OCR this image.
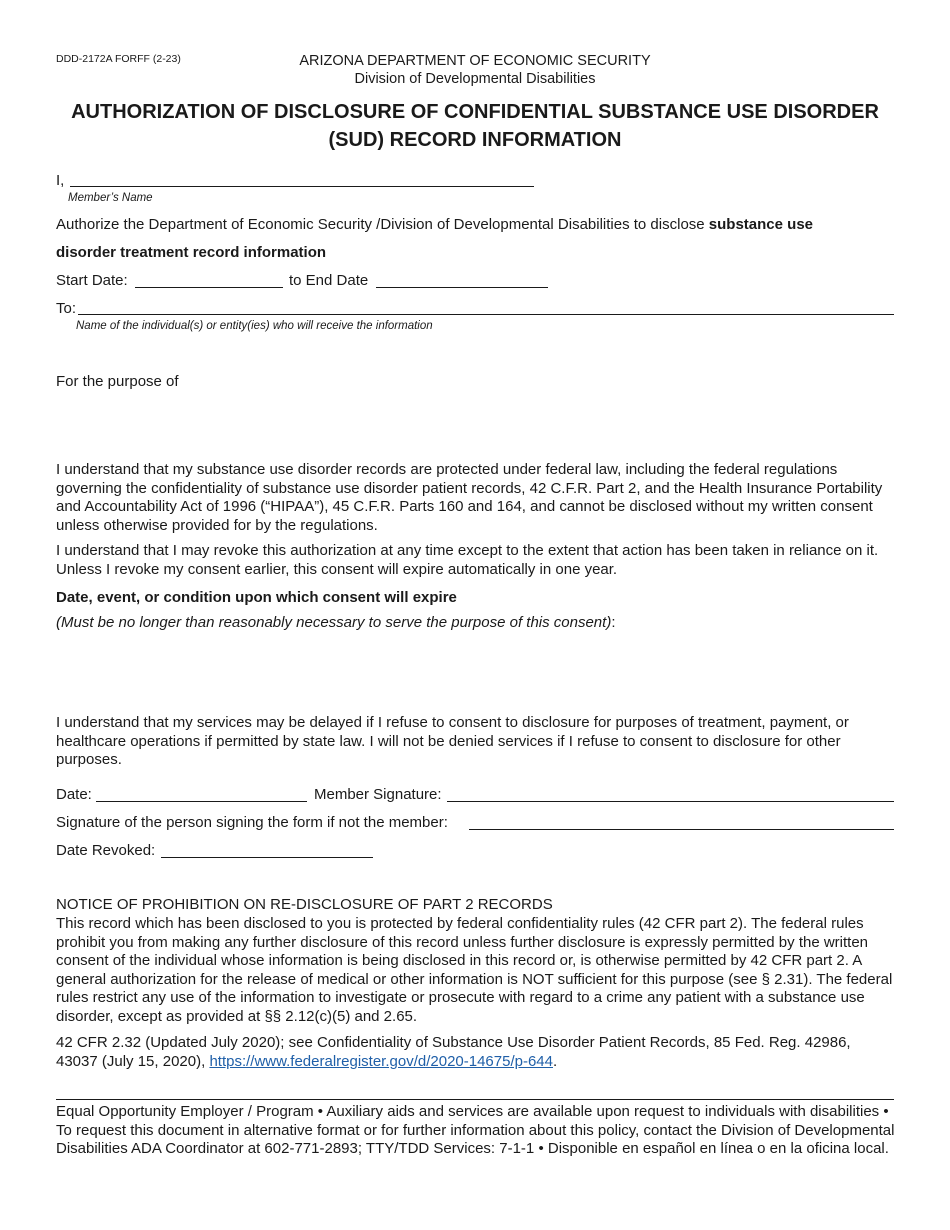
DDD-2172A FORFF (2-23)	ARIZONA DEPARTMENT OF ECONOMIC SECURITY
Division of Developmental Disabilities
AUTHORIZATION OF DISCLOSURE OF CONFIDENTIAL SUBSTANCE USE DISORDER (SUD) RECORD INFORMATION
I,
Member’s Name
Authorize the Department of Economic Security /Division of Developmental Disabilities to disclose substance use
disorder treatment record information
Start Date:	to End Date
To:
Name of the individual(s) or entity(ies) who will receive the information
For the purpose of
I understand that my substance use disorder records are protected under federal law, including the federal regulations governing the confidentiality of substance use disorder patient records, 42 C.F.R. Part 2, and the Health Insurance Portability and Accountability Act of 1996 (“HIPAA”), 45 C.F.R. Parts 160 and 164, and cannot be disclosed without my written consent unless otherwise provided for by the regulations.
I understand that I may revoke this authorization at any time except to the extent that action has been taken in reliance on it. Unless I revoke my consent earlier, this consent will expire automatically in one year.
Date, event, or condition upon which consent will expire
(Must be no longer than reasonably necessary to serve the purpose of this consent):
I understand that my services may be delayed if I refuse to consent to disclosure for purposes of treatment, payment, or healthcare operations if permitted by state law. I will not be denied services if I refuse to consent to disclosure for other purposes.
Date:	Member Signature:
Signature of the person signing the form if not the member:
Date Revoked:
NOTICE OF PROHIBITION ON RE-DISCLOSURE OF PART 2 RECORDS
This record which has been disclosed to you is protected by federal confidentiality rules (42 CFR part 2). The federal rules prohibit you from making any further disclosure of this record unless further disclosure is expressly permitted by the written consent of the individual whose information is being disclosed in this record or, is otherwise permitted by 42 CFR part 2. A general authorization for the release of medical or other information is NOT sufficient for this purpose (see § 2.31). The federal rules restrict any use of the information to investigate or prosecute with regard to a crime any patient with a substance use disorder, except as provided at §§ 2.12(c)(5) and 2.65.
42 CFR 2.32 (Updated July 2020); see Confidentiality of Substance Use Disorder Patient Records, 85 Fed. Reg. 42986, 43037 (July 15, 2020), https://www.federalregister.gov/d/2020-14675/p-644.
Equal Opportunity Employer / Program • Auxiliary aids and services are available upon request to individuals with disabilities • To request this document in alternative format or for further information about this policy, contact the Division of Developmental Disabilities ADA Coordinator at 602-771-2893; TTY/TDD Services: 7-1-1 • Disponible en español en línea o en la oficina local.
